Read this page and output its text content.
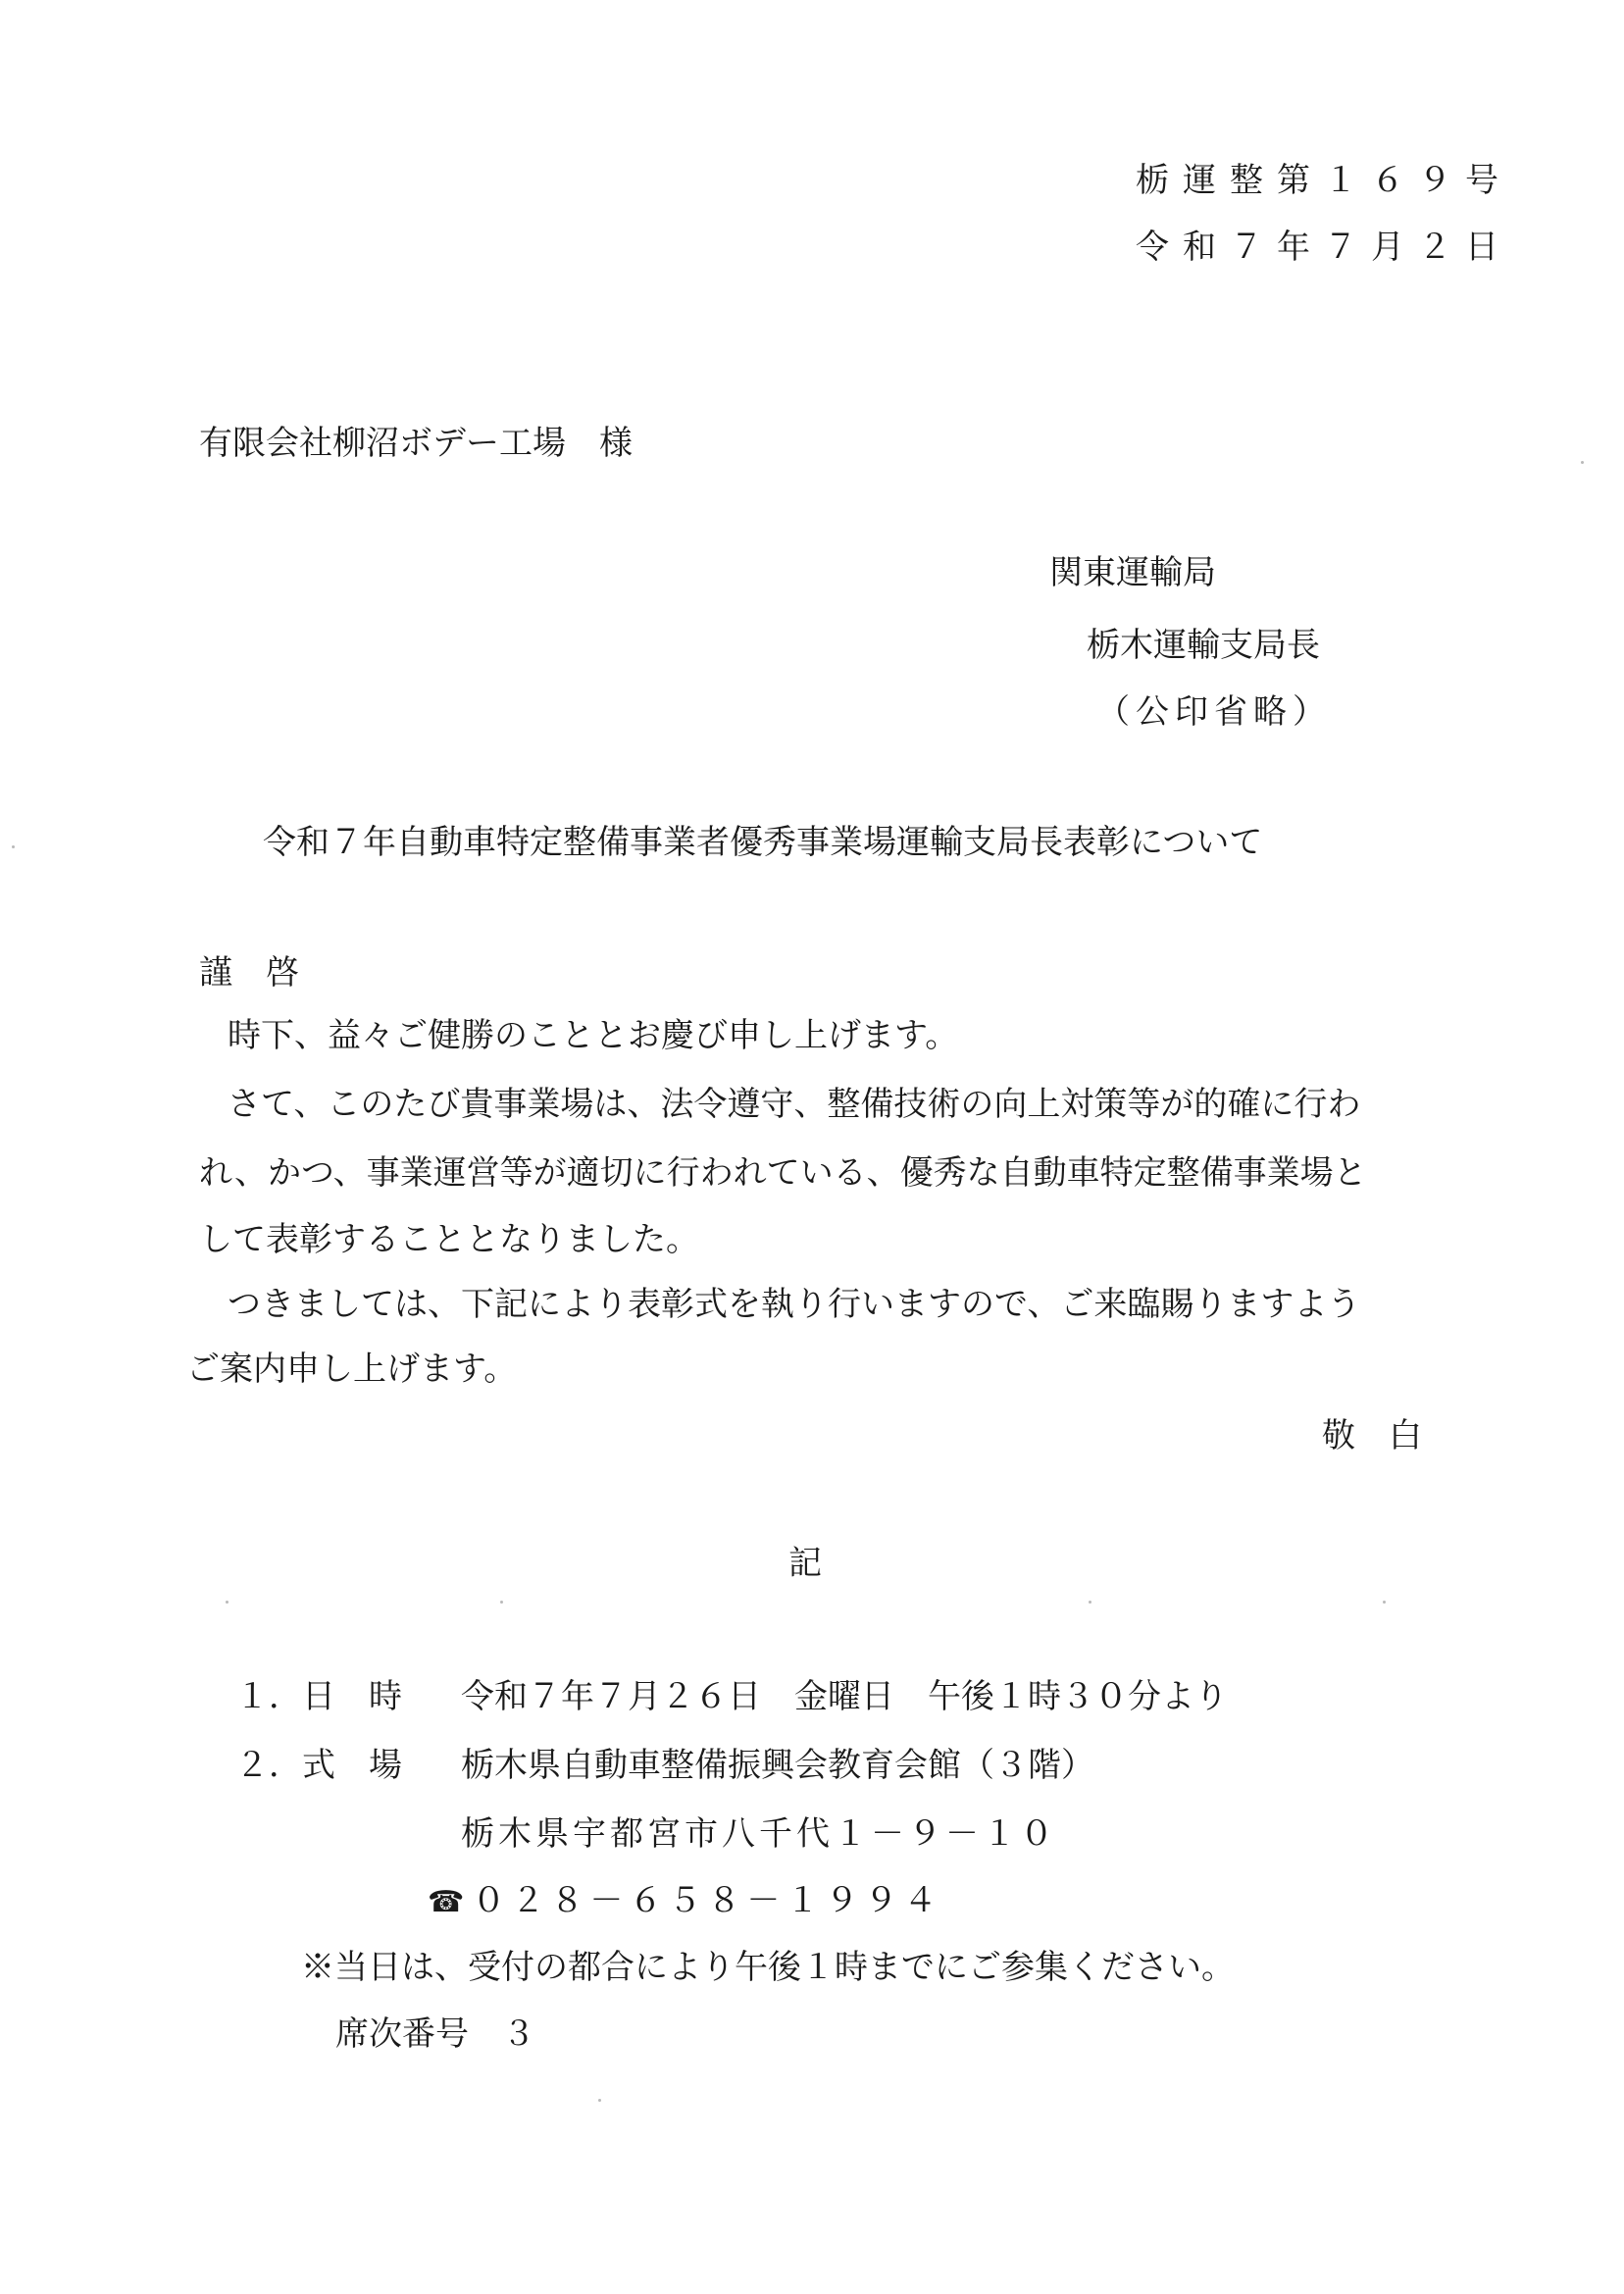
栃運整第１６９号
令和７年７月２日
有限会社柳沼ボデー工場　様
関東運輸局
栃木運輸支局長
（公印省略）
令和７年自動車特定整備事業者優秀事業場運輸支局長表彰について
謹　啓
時下、益々ご健勝のこととお慶び申し上げます。
さて、このたび貴事業場は、法令遵守、整備技術の向上対策等が的確に行わ
れ、かつ、事業運営等が適切に行われている、優秀な自動車特定整備事業場と
して表彰することとなりました。
つきましては、下記により表彰式を執り行いますので、ご来臨賜りますよう
ご案内申し上げます。
敬　白
記
１． 日　時 令和７年７月２６日　金曜日　午後１時３０分より
２． 式　場 栃木県自動車整備振興会教育会館（３階）
栃木県宇都宮市八千代１－９－１０
☎０２８－６５８－１９９４
※当日は、受付の都合により午後１時までにご参集ください。
席次番号　３
